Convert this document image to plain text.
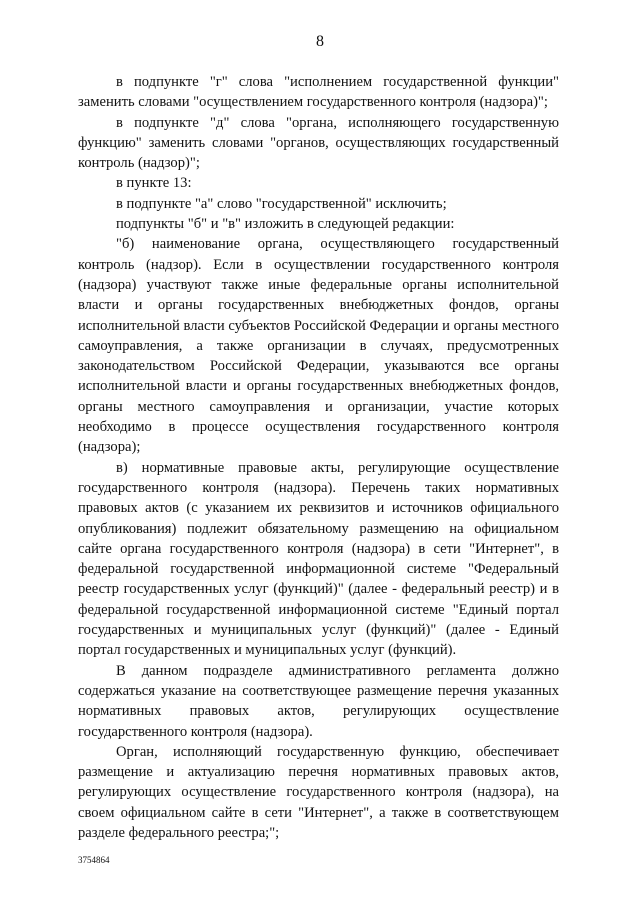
8

в подпункте "г" слова "исполнением государственной функции" заменить словами "осуществлением государственного контроля (надзора)";

в подпункте "д" слова "органа, исполняющего государственную функцию" заменить словами "органов, осуществляющих государственный контроль (надзор)";

в пункте 13:

в подпункте "а" слово "государственной" исключить;

подпункты "б" и "в" изложить в следующей редакции:

"б) наименование органа, осуществляющего государственный контроль (надзор). Если в осуществлении государственного контроля (надзора) участвуют также иные федеральные органы исполнительной власти и органы государственных внебюджетных фондов, органы исполнительной власти субъектов Российской Федерации и органы местного самоуправления, а также организации в случаях, предусмотренных законодательством Российской Федерации, указываются все органы исполнительной власти и органы государственных внебюджетных фондов, органы местного самоуправления и организации, участие которых необходимо в процессе осуществления государственного контроля (надзора);

в) нормативные правовые акты, регулирующие осуществление государственного контроля (надзора). Перечень таких нормативных правовых актов (с указанием их реквизитов и источников официального опубликования) подлежит обязательному размещению на официальном сайте органа государственного контроля (надзора) в сети "Интернет", в федеральной государственной информационной системе "Федеральный реестр государственных услуг (функций)" (далее - федеральный реестр) и в федеральной государственной информационной системе "Единый портал государственных и муниципальных услуг (функций)" (далее - Единый портал государственных и муниципальных услуг (функций).

В данном подразделе административного регламента должно содержаться указание на соответствующее размещение перечня указанных нормативных правовых актов, регулирующих осуществление государственного контроля (надзора).

Орган, исполняющий государственную функцию, обеспечивает размещение и актуализацию перечня нормативных правовых актов, регулирующих осуществление государственного контроля (надзора), на своем официальном сайте в сети "Интернет", а также в соответствующем разделе федерального реестра;";

3754864
